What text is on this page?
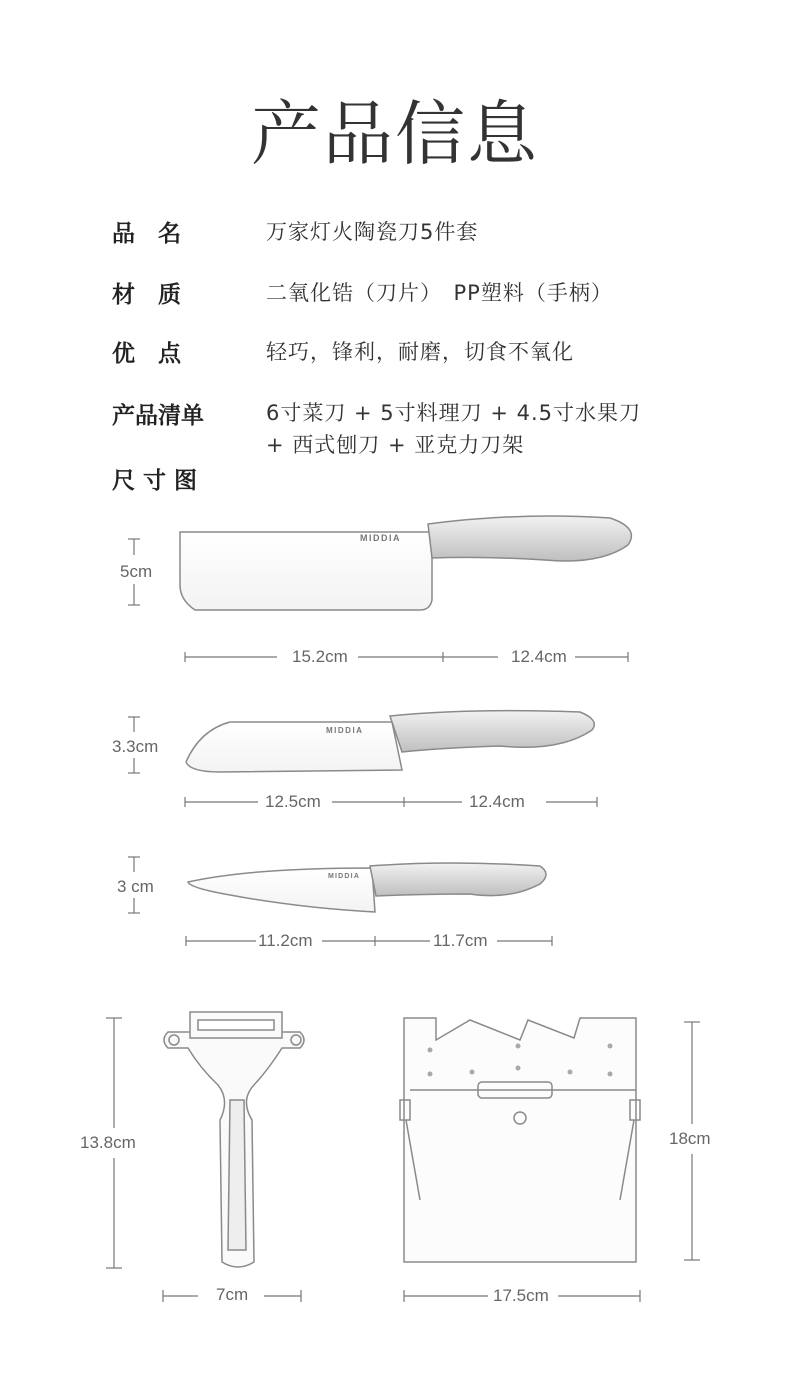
产品信息
品　名	万家灯火陶瓷刀5件套
材　质	二氧化锆（刀片）　PP塑料（手柄）
优　点	轻巧，锋利，耐磨，切食不氧化
产品清单	6寸菜刀 + 5寸料理刀 + 4.5寸水果刀
+ 西式刨刀 + 亚克力刀架
尺 寸 图
MIDDIA
MIDDIA
MIDDIA
5cm
15.2cm	12.4cm
3.3cm
12.5cm	12.4cm
3 cm
11.2cm	11.7cm
13.8cm
7cm
18cm
17.5cm
